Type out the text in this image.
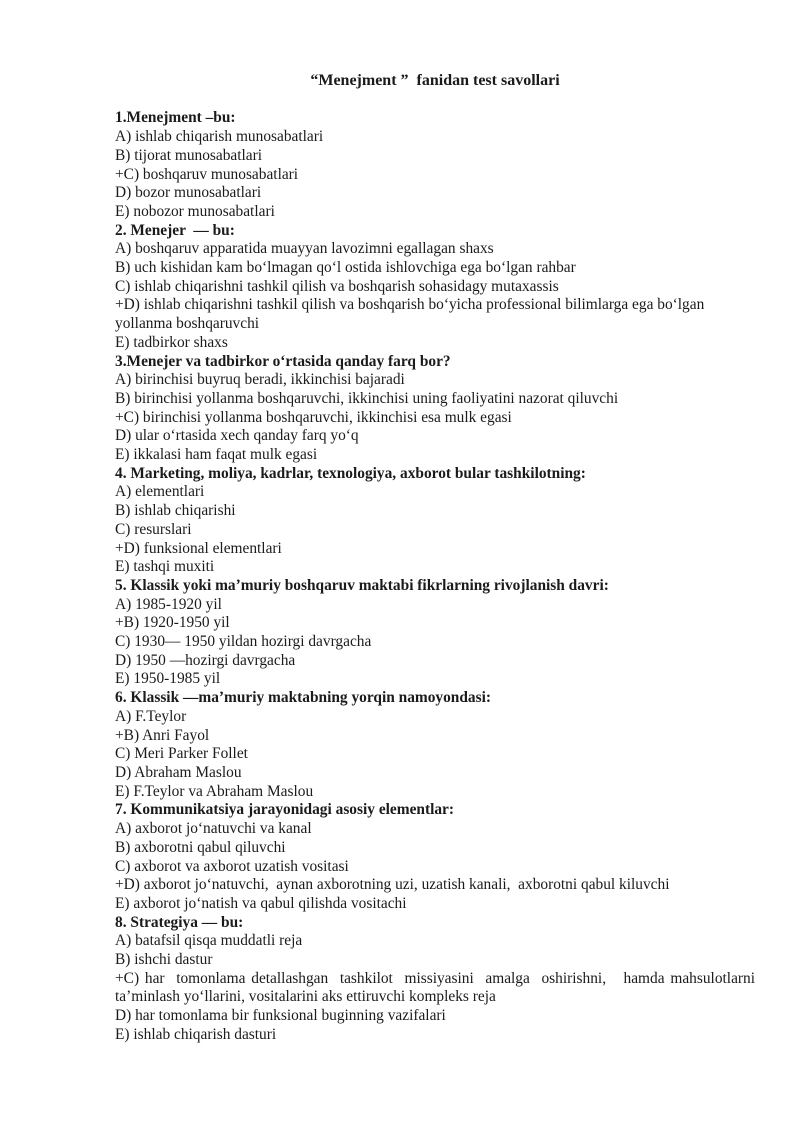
“Menejment ”  fanidan test savollari

1.Menejment –bu:

A) ishlab chiqarish munosabatlari

B) tijorat munosabatlari

+C) boshqaruv munosabatlari

D) bozor munosabatlari

E) nobozor munosabatlari

2. Menejer  — bu:

A) boshqaruv apparatida muayyan lavozimni egallagan shaxs

B) uch kishidan kam bo‘lmagan qo‘l ostida ishlovchiga ega bo‘lgan rahbar

C) ishlab chiqarishni tashkil qilish va boshqarish sohasidagy mutaxassis

+D) ishlab chiqarishni tashkil qilish va boshqarish bo‘yicha professional bilimlarga ega bo‘lgan yollanma boshqaruvchi

E) tadbirkor shaxs

3.Menejer va tadbirkor o‘rtasida qanday farq bor?

A) birinchisi buyruq beradi, ikkinchisi bajaradi

B) birinchisi yollanma boshqaruvchi, ikkinchisi uning faoliyatini nazorat qiluvchi

+C) birinchisi yollanma boshqaruvchi, ikkinchisi esa mulk egasi

D) ular o‘rtasida xech qanday farq yo‘q

E) ikkalasi ham faqat mulk egasi

4. Marketing, moliya, kadrlar, texnologiya, axborot bular tashkilotning:

A) elementlari

B) ishlab chiqarishi

C) resurslari

+D) funksional elementlari

E) tashqi muxiti

5. Klassik yoki ma’muriy boshqaruv maktabi fikrlarning rivojlanish davri:

A) 1985-1920 yil

+B) 1920-1950 yil

C) 1930— 1950 yildan hozirgi davrgacha

D) 1950 —hozirgi davrgacha

E) 1950-1985 yil

6. Klassik —ma’muriy maktabning yorqin namoyondasi:

A) F.Teylor

+B) Anri Fayol

C) Meri Parker Follet

D) Abraham Maslou

E) F.Teylor va Abraham Maslou

7. Kommunikatsiya jarayonidagi asosiy elementlar:

A) axborot jo‘natuvchi va kanal

B) axborotni qabul qiluvchi

C) axborot va axborot uzatish vositasi

+D) axborot jo‘natuvchi,  aynan axborotning uzi, uzatish kanali,  axborotni qabul kiluvchi

E) axborot jo‘natish va qabul qilishda vositachi

8. Strategiya — bu:

A) batafsil qisqa muddatli reja

B) ishchi dastur

+C) har  tomonlama detallashgan  tashkilot  missiyasini  amalga  oshirishni,   hamda mahsulotlarni ta’minlash yo‘llarini, vositalarini aks ettiruvchi kompleks reja

D) har tomonlama bir funksional buginning vazifalari

E) ishlab chiqarish dasturi
